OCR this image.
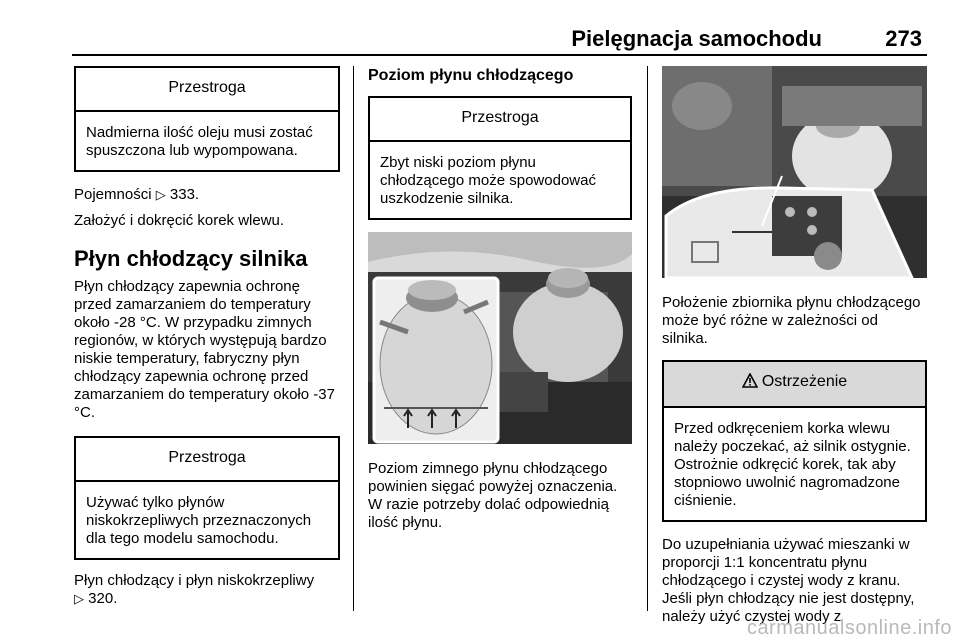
Pielęgnacja samochodu	273
Przestroga
Nadmierna ilość oleju musi zostać spuszczona lub wypompowana.

Pojemności ▷ 333.

Założyć i dokręcić korek wlewu.

Płyn chłodzący silnika

Płyn chłodzący zapewnia ochronę przed zamarzaniem do temperatury około -28 °C. W przypadku zimnych regionów, w których występują bardzo niskie temperatury, fabryczny płyn chłodzący zapewnia ochronę przed zamarzaniem do temperatury około -37 °C.

Przestroga
Używać tylko płynów niskokrzepliwych przeznaczonych dla tego modelu samochodu.

Płyn chłodzący i płyn niskokrzepliwy
▷ 320.

Poziom płynu chłodzącego
Przestroga
Zbyt niski poziom płynu chłodzącego może spowodować uszkodzenie silnika.

Poziom zimnego płynu chłodzącego powinien sięgać powyżej oznaczenia. W razie potrzeby dolać odpowiednią ilość płynu.

Położenie zbiornika płynu chłodzącego może być różne w zależności od silnika.

Ostrzeżenie
Przed odkręceniem korka wlewu należy poczekać, aż silnik ostygnie. Ostrożnie odkręcić korek, tak aby stopniowo uwolnić nagromadzone ciśnienie.

Do uzupełniania używać mieszanki w proporcji 1:1 koncentratu płynu chłodzącego i czystej wody z kranu. Jeśli płyn chłodzący nie jest dostępny, należy użyć czystej wody z

carmanualsonline.info
